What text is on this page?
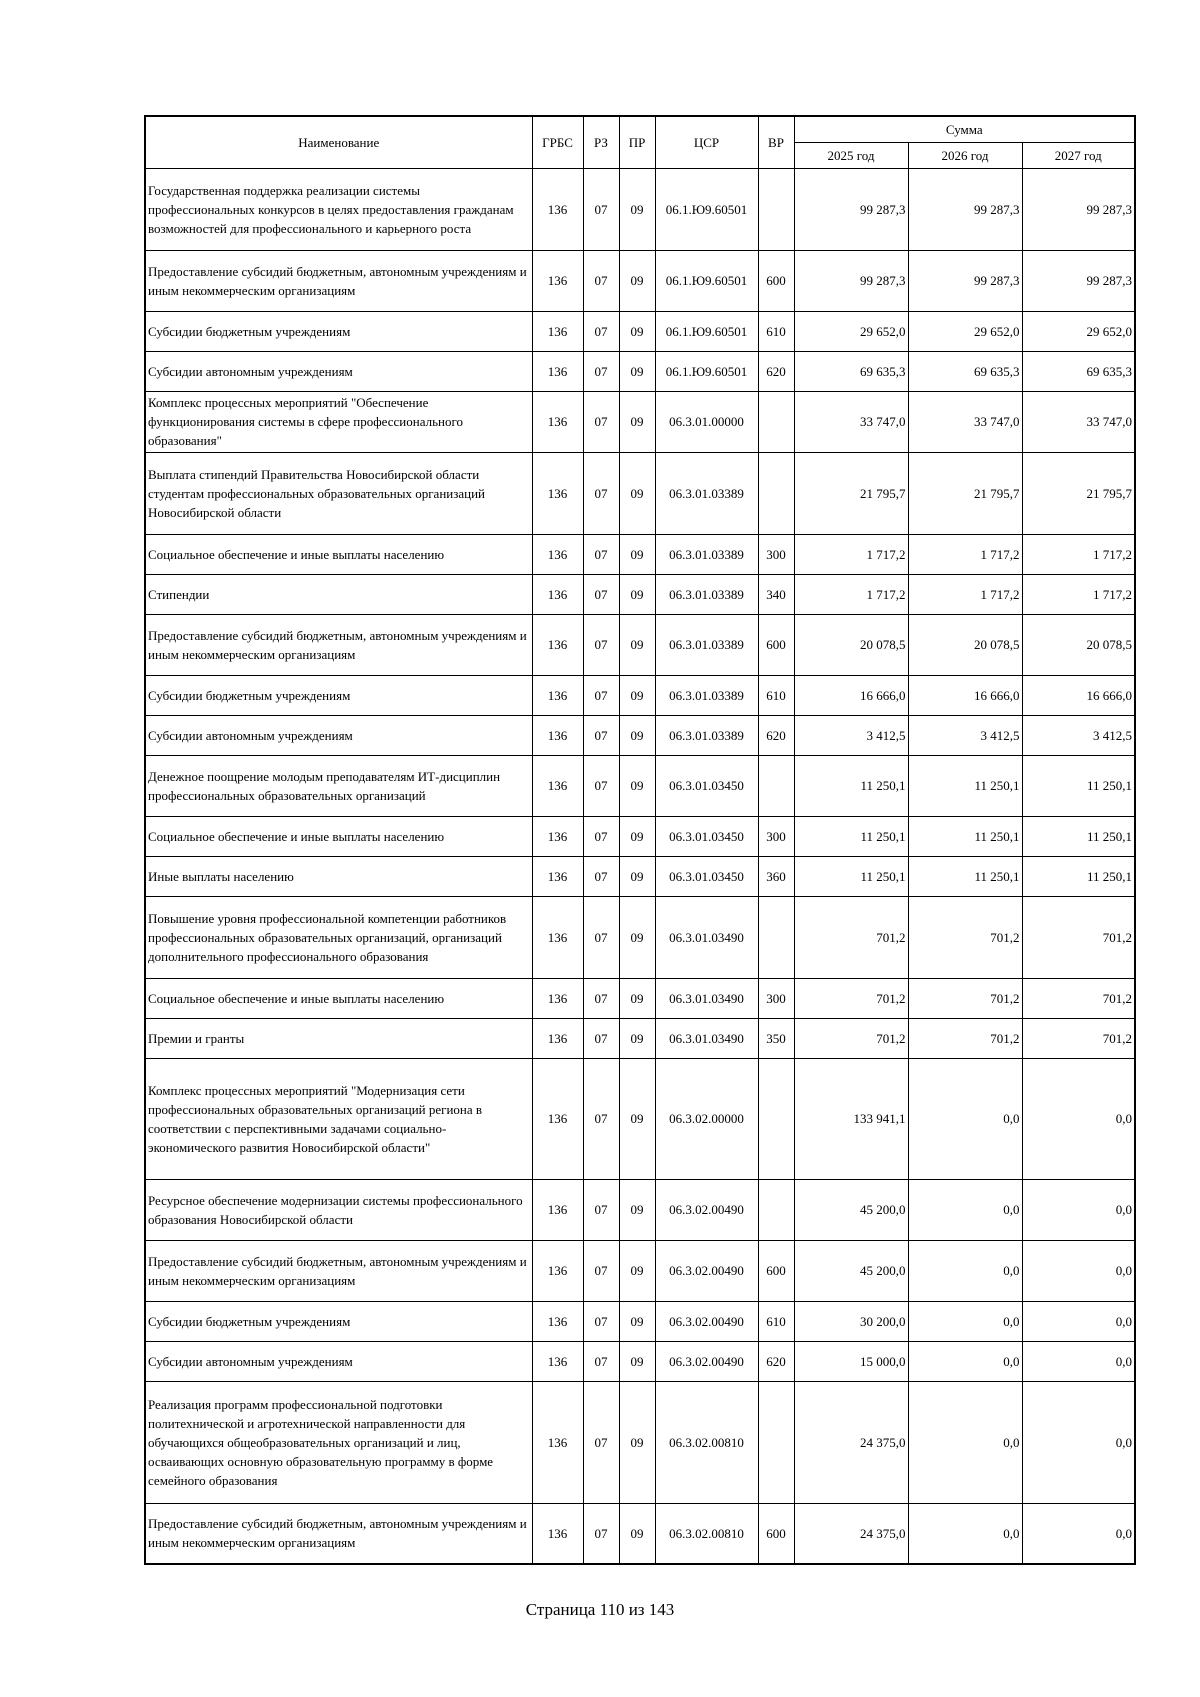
Наименование	ГРБС	РЗ	ПР	ЦСР	ВР	Сумма		
						2025 год	2026 год	2027 год
Государственная поддержка реализации системы профессиональных конкурсов в целях предоставления гражданам возможностей для профессионального и карьерного роста	136	07	09	06.1.Ю9.60501		99 287,3	99 287,3	99 287,3
Предоставление субсидий бюджетным, автономным учреждениям и иным некоммерческим организациям	136	07	09	06.1.Ю9.60501	600	99 287,3	99 287,3	99 287,3
Субсидии бюджетным учреждениям	136	07	09	06.1.Ю9.60501	610	29 652,0	29 652,0	29 652,0
Субсидии автономным учреждениям	136	07	09	06.1.Ю9.60501	620	69 635,3	69 635,3	69 635,3
Комплекс процессных мероприятий "Обеспечение функционирования системы в сфере профессионального образования"	136	07	09	06.3.01.00000		33 747,0	33 747,0	33 747,0
Выплата стипендий Правительства Новосибирской области студентам профессиональных образовательных организаций Новосибирской области	136	07	09	06.3.01.03389		21 795,7	21 795,7	21 795,7
Социальное обеспечение и иные выплаты населению	136	07	09	06.3.01.03389	300	1 717,2	1 717,2	1 717,2
Стипендии	136	07	09	06.3.01.03389	340	1 717,2	1 717,2	1 717,2
Предоставление субсидий бюджетным, автономным учреждениям и иным некоммерческим организациям	136	07	09	06.3.01.03389	600	20 078,5	20 078,5	20 078,5
Субсидии бюджетным учреждениям	136	07	09	06.3.01.03389	610	16 666,0	16 666,0	16 666,0
Субсидии автономным учреждениям	136	07	09	06.3.01.03389	620	3 412,5	3 412,5	3 412,5
Денежное поощрение молодым преподавателям ИТ-дисциплин профессиональных образовательных организаций	136	07	09	06.3.01.03450		11 250,1	11 250,1	11 250,1
Социальное обеспечение и иные выплаты населению	136	07	09	06.3.01.03450	300	11 250,1	11 250,1	11 250,1
Иные выплаты населению	136	07	09	06.3.01.03450	360	11 250,1	11 250,1	11 250,1
Повышение уровня профессиональной компетенции работников профессиональных образовательных организаций, организаций дополнительного профессионального образования	136	07	09	06.3.01.03490		701,2	701,2	701,2
Социальное обеспечение и иные выплаты населению	136	07	09	06.3.01.03490	300	701,2	701,2	701,2
Премии и гранты	136	07	09	06.3.01.03490	350	701,2	701,2	701,2
Комплекс процессных мероприятий "Модернизация сети профессиональных образовательных организаций региона в соответствии с перспективными задачами социально-экономического развития Новосибирской области"	136	07	09	06.3.02.00000		133 941,1	0,0	0,0
Ресурсное обеспечение модернизации системы профессионального образования Новосибирской области	136	07	09	06.3.02.00490		45 200,0	0,0	0,0
Предоставление субсидий бюджетным, автономным учреждениям и иным некоммерческим организациям	136	07	09	06.3.02.00490	600	45 200,0	0,0	0,0
Субсидии бюджетным учреждениям	136	07	09	06.3.02.00490	610	30 200,0	0,0	0,0
Субсидии автономным учреждениям	136	07	09	06.3.02.00490	620	15 000,0	0,0	0,0
Реализация программ профессиональной подготовки политехнической и агротехнической направленности для обучающихся общеобразовательных организаций и лиц, осваивающих основную образовательную программу в форме семейного образования	136	07	09	06.3.02.00810		24 375,0	0,0	0,0
Предоставление субсидий бюджетным, автономным учреждениям и иным некоммерческим организациям	136	07	09	06.3.02.00810	600	24 375,0	0,0	0,0
Страница 110 из 143
